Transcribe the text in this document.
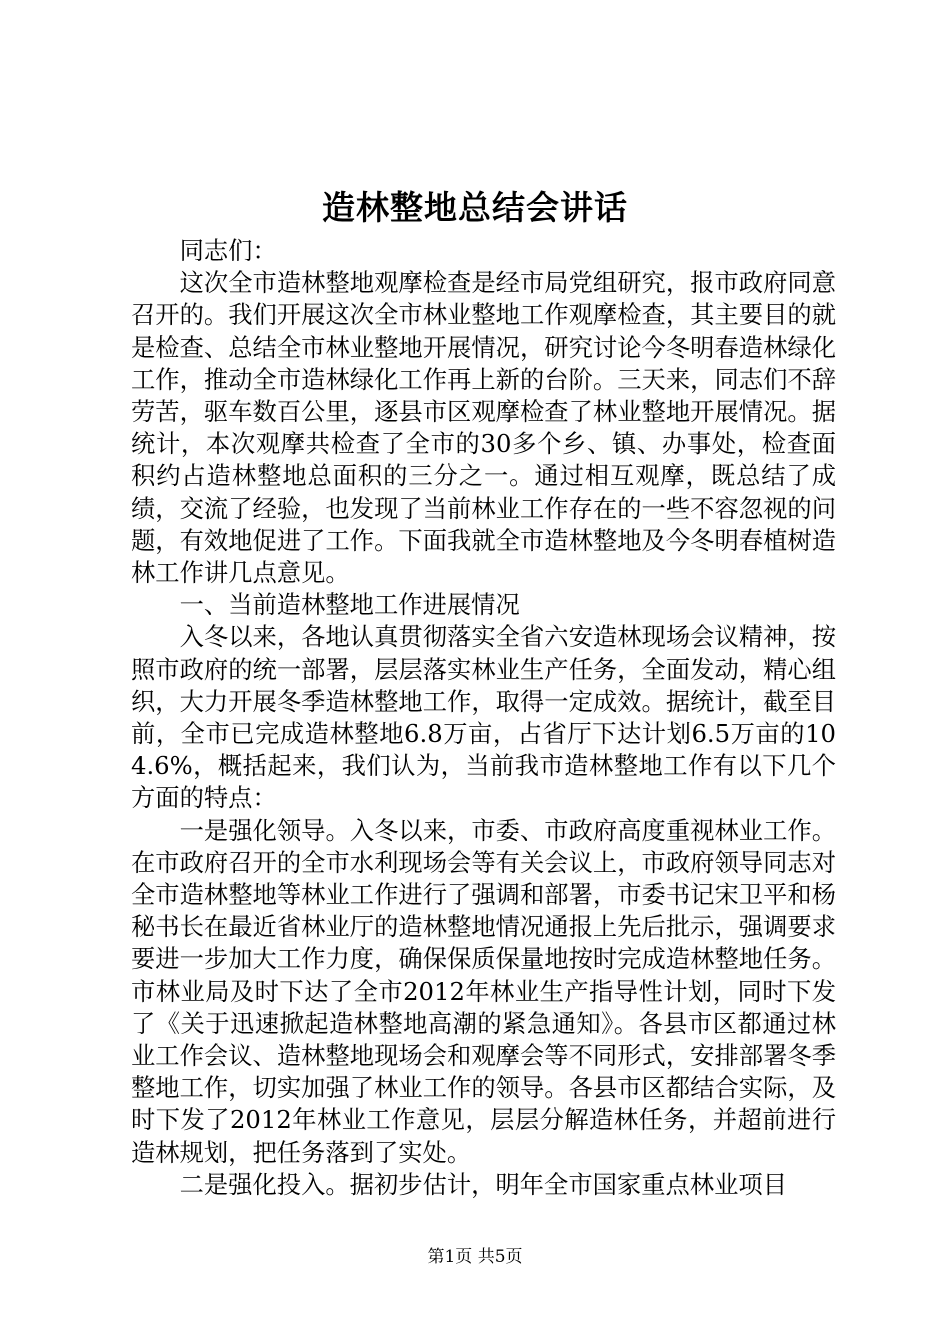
造林整地总结会讲话

同志们：

这次全市造林整地观摩检查是经市局党组研究，报市政府同意召开的。我们开展这次全市林业整地工作观摩检查，其主要目的就是检查、总结全市林业整地开展情况，研究讨论今冬明春造林绿化工作，推动全市造林绿化工作再上新的台阶。三天来，同志们不辞劳苦，驱车数百公里，逐县市区观摩检查了林业整地开展情况。据统计，本次观摩共检查了全市的30多个乡、镇、办事处，检查面积约占造林整地总面积的三分之一。通过相互观摩，既总结了成绩，交流了经验，也发现了当前林业工作存在的一些不容忽视的问题，有效地促进了工作。下面我就全市造林整地及今冬明春植树造林工作讲几点意见。

一、当前造林整地工作进展情况

入冬以来，各地认真贯彻落实全省六安造林现场会议精神，按照市政府的统一部署，层层落实林业生产任务，全面发动，精心组织，大力开展冬季造林整地工作，取得一定成效。据统计，截至目前，全市已完成造林整地6.8万亩，占省厅下达计划6.5万亩的104.6%，概括起来，我们认为，当前我市造林整地工作有以下几个方面的特点：

一是强化领导。入冬以来，市委、市政府高度重视林业工作。在市政府召开的全市水利现场会等有关会议上，市政府领导同志对全市造林整地等林业工作进行了强调和部署，市委书记宋卫平和杨秘书长在最近省林业厅的造林整地情况通报上先后批示，强调要求要进一步加大工作力度，确保保质保量地按时完成造林整地任务。市林业局及时下达了全市2012年林业生产指导性计划，同时下发了《关于迅速掀起造林整地高潮的紧急通知》。各县市区都通过林业工作会议、造林整地现场会和观摩会等不同形式，安排部署冬季整地工作，切实加强了林业工作的领导。各县市区都结合实际，及时下发了2012年林业工作意见，层层分解造林任务，并超前进行造林规划，把任务落到了实处。

二是强化投入。据初步估计，明年全市国家重点林业项目

第1页 共5页
